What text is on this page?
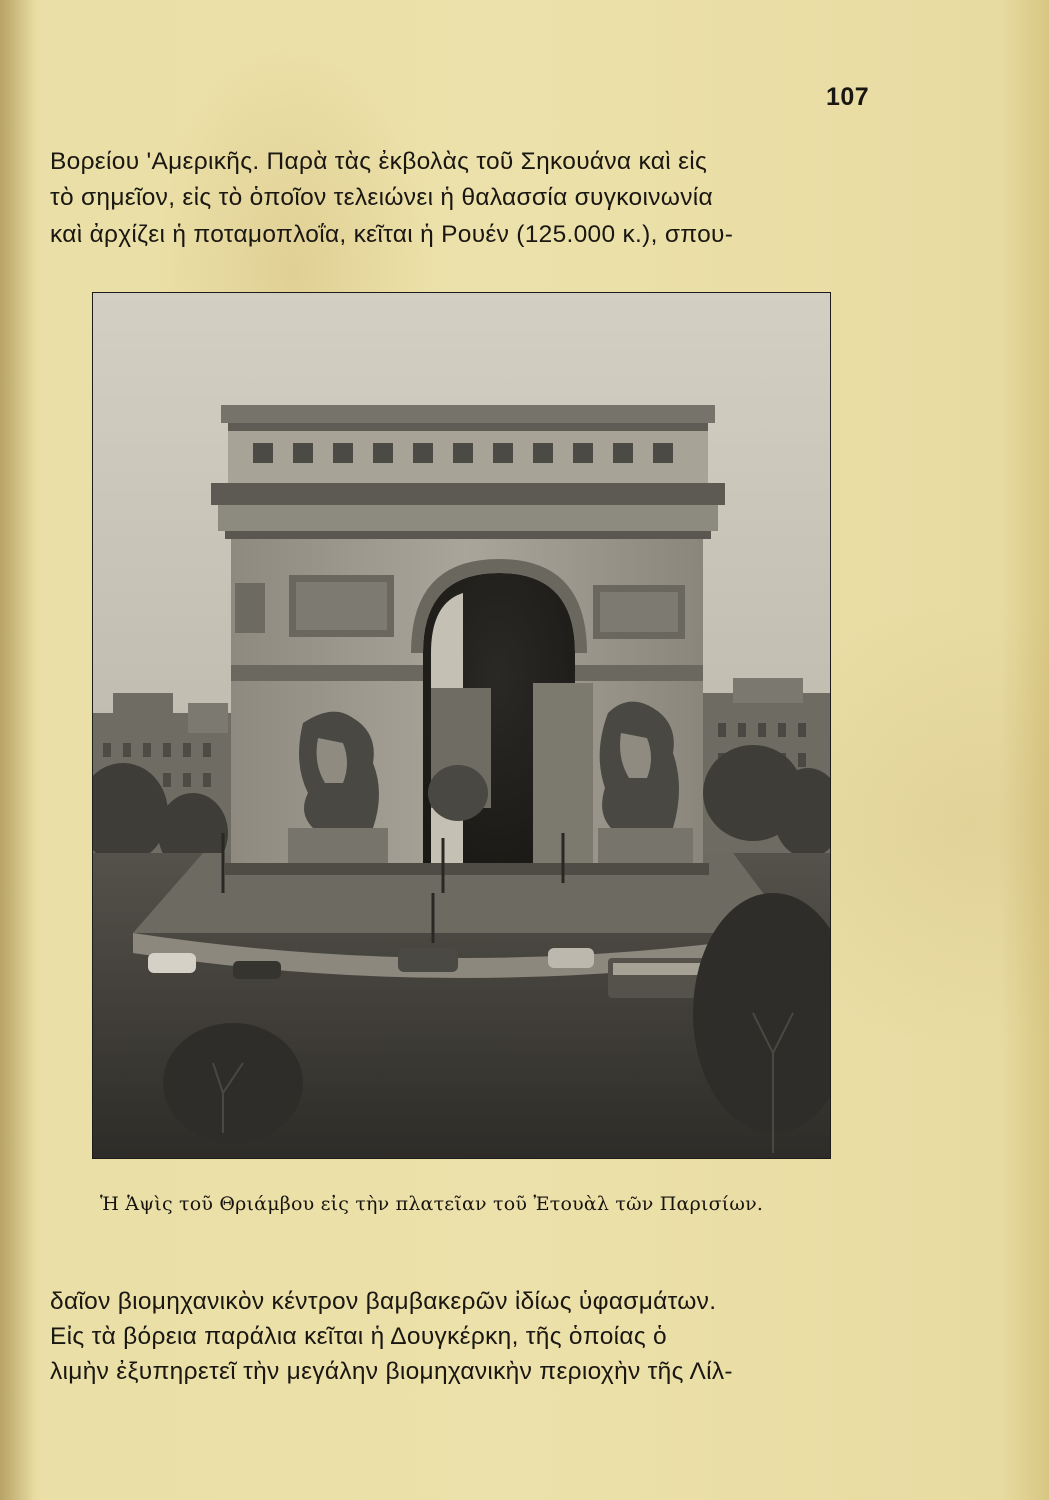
107
Βορείου 'Αμερικῆς. Παρὰ τὰς ἐκβολὰς τοῦ Σηκουάνα καὶ εἰς
τὸ σημεῖον, εἰς τὸ ὁποῖον τελειώνει ἡ θαλασσία συγκοινωνία
καὶ ἀρχίζει ἡ ποταμοπλοΐα, κεῖται ἡ Ρουέν (125.000 κ.), σπου-
Ἡ Ἁψὶς τοῦ Θριάμβου εἰς τὴν πλατεῖαν τοῦ Ἐτουὰλ τῶν Παρισίων.
δαῖον βιομηχανικὸν κέντρον βαμβακερῶν ἰδίως ὑφασμάτων.
Εἰς τὰ βόρεια παράλια κεῖται ἡ Δουγκέρκη, τῆς ὁποίας ὁ
λιμὴν ἐξυπηρετεῖ τὴν μεγάλην βιομηχανικὴν περιοχὴν τῆς Λίλ-
